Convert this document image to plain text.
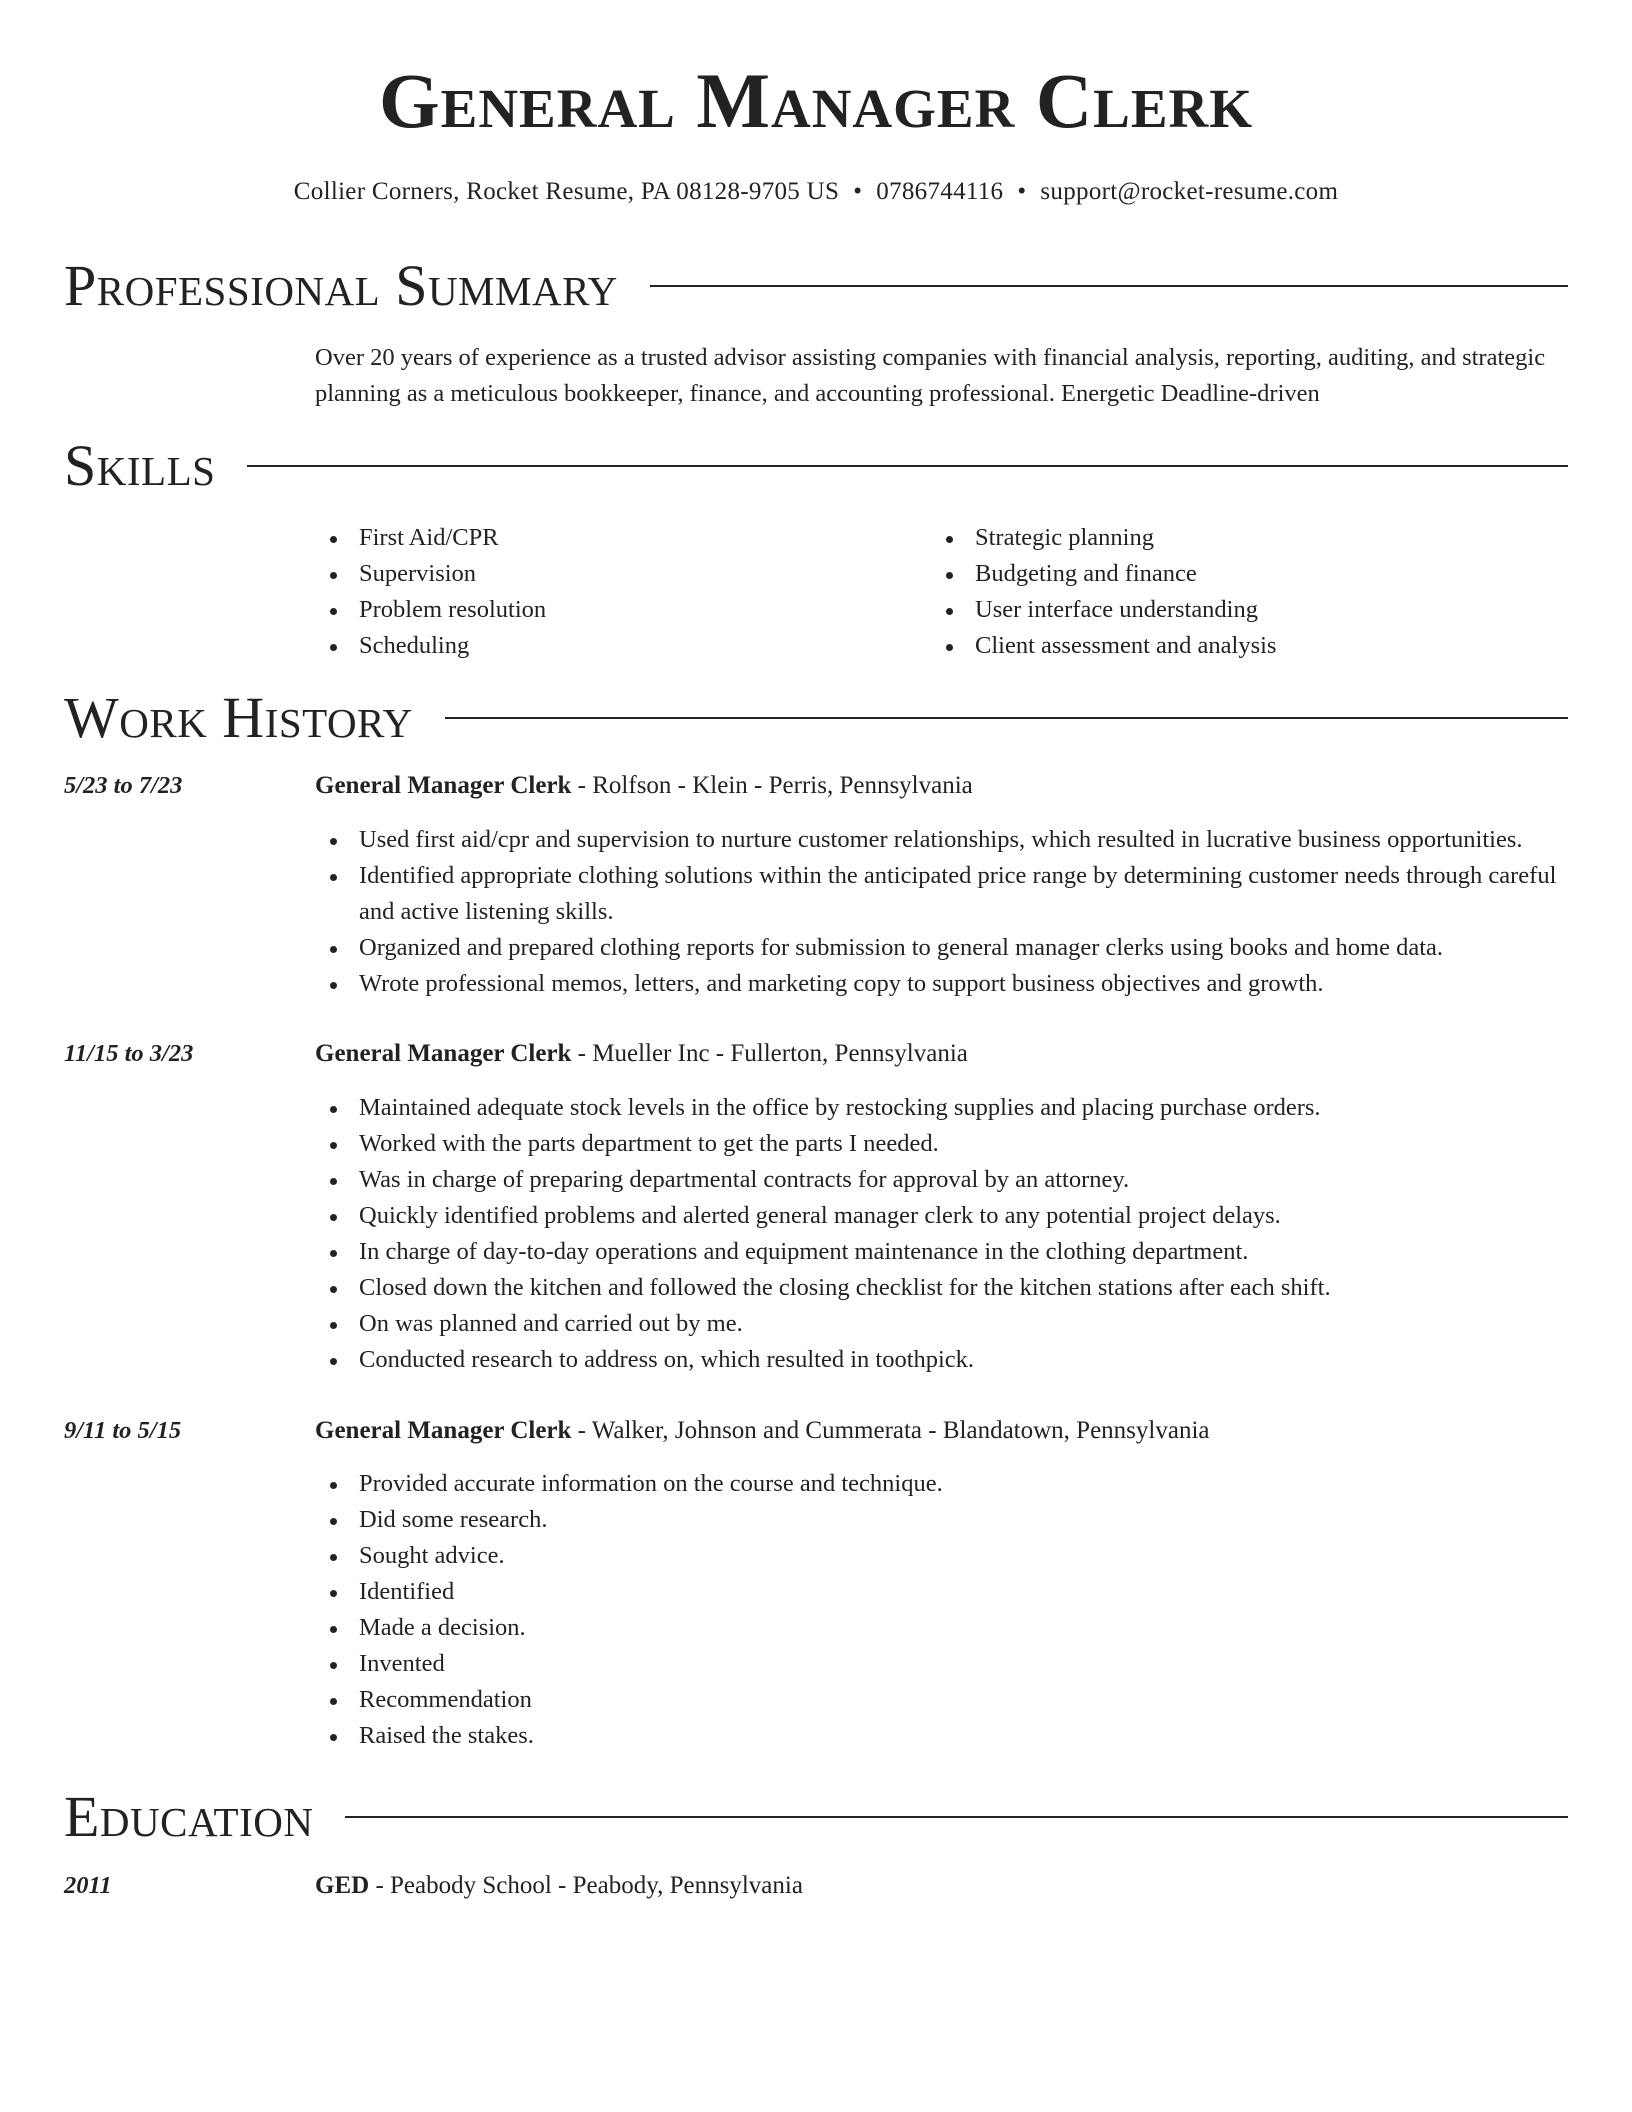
General Manager Clerk
Collier Corners, Rocket Resume, PA 08128-9705 US • 0786744116 • support@rocket-resume.com
Professional Summary

Over 20 years of experience as a trusted advisor assisting companies with financial analysis, reporting, auditing, and strategic planning as a meticulous bookkeeper, finance, and accounting professional. Energetic Deadline-driven

Skills
First Aid/CPR
Supervision
Problem resolution
Scheduling
Strategic planning
Budgeting and finance
User interface understanding
Client assessment and analysis
Work History
5/23 to 7/23	General Manager Clerk - Rolfson - Klein - Perris, Pennsylvania
Used first aid/cpr and supervision to nurture customer relationships, which resulted in lucrative business opportunities.
Identified appropriate clothing solutions within the anticipated price range by determining customer needs through careful and active listening skills.
Organized and prepared clothing reports for submission to general manager clerks using books and home data.
Wrote professional memos, letters, and marketing copy to support business objectives and growth.
11/15 to 3/23	General Manager Clerk - Mueller Inc - Fullerton, Pennsylvania
Maintained adequate stock levels in the office by restocking supplies and placing purchase orders.
Worked with the parts department to get the parts I needed.
Was in charge of preparing departmental contracts for approval by an attorney.
Quickly identified problems and alerted general manager clerk to any potential project delays.
In charge of day-to-day operations and equipment maintenance in the clothing department.
Closed down the kitchen and followed the closing checklist for the kitchen stations after each shift.
On was planned and carried out by me.
Conducted research to address on, which resulted in toothpick.
9/11 to 5/15	General Manager Clerk - Walker, Johnson and Cummerata - Blandatown, Pennsylvania
Provided accurate information on the course and technique.
Did some research.
Sought advice.
Identified
Made a decision.
Invented
Recommendation
Raised the stakes.
Education
2011	GED - Peabody School - Peabody, Pennsylvania
